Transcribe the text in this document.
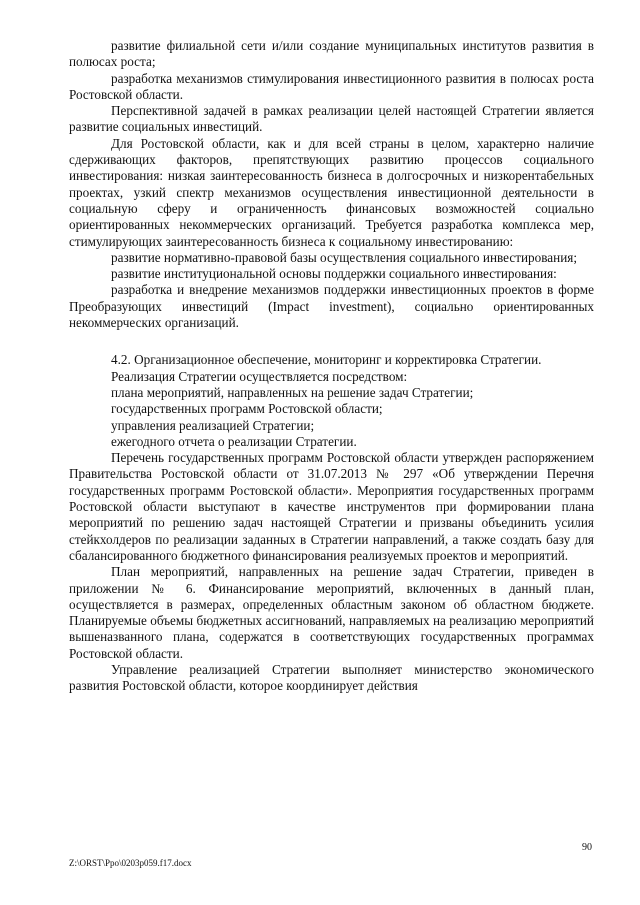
развитие филиальной сети и/или создание муниципальных институтов развития в полюсах роста;

разработка механизмов стимулирования инвестиционного развития в полюсах роста Ростовской области.

Перспективной задачей в рамках реализации целей настоящей Стратегии является развитие социальных инвестиций.

Для Ростовской области, как и для всей страны в целом, характерно наличие сдерживающих факторов, препятствующих развитию процессов социального инвестирования: низкая заинтересованность бизнеса в долгосрочных и низкорентабельных проектах, узкий спектр механизмов осуществления инвестиционной деятельности в социальную сферу и ограниченность финансовых возможностей социально ориентированных некоммерческих организаций. Требуется разработка комплекса мер, стимулирующих заинтересованность бизнеса к социальному инвестированию:

развитие нормативно-правовой базы осуществления социального инвестирования;

развитие институциональной основы поддержки социального инвестирования:

разработка и внедрение механизмов поддержки инвестиционных проектов в форме Преобразующих инвестиций (Impact investment), социально ориентированных некоммерческих организаций.

4.2. Организационное обеспечение, мониторинг и корректировка Стратегии.

Реализация Стратегии осуществляется посредством:

плана мероприятий, направленных на решение задач Стратегии;

государственных программ Ростовской области;

управления реализацией Стратегии;

ежегодного отчета о реализации Стратегии.

Перечень государственных программ Ростовской области утвержден распоряжением Правительства Ростовской области от 31.07.2013 № 297 «Об утверждении Перечня государственных программ Ростовской области». Мероприятия государственных программ Ростовской области выступают в качестве инструментов при формировании плана мероприятий по решению задач настоящей Стратегии и призваны объединить усилия стейкхолдеров по реализации заданных в Стратегии направлений, а также создать базу для сбалансированного бюджетного финансирования реализуемых проектов и мероприятий.

План мероприятий, направленных на решение задач Стратегии, приведен в приложении № 6. Финансирование мероприятий, включенных в данный план, осуществляется в размерах, определенных областным законом об областном бюджете. Планируемые объемы бюджетных ассигнований, направляемых на реализацию мероприятий вышеназванного плана, содержатся в соответствующих государственных программах Ростовской области.

Управление реализацией Стратегии выполняет министерство экономического развития Ростовской области, которое координирует действия

90
Z:\ORST\Ppo\0203p059.f17.docx
